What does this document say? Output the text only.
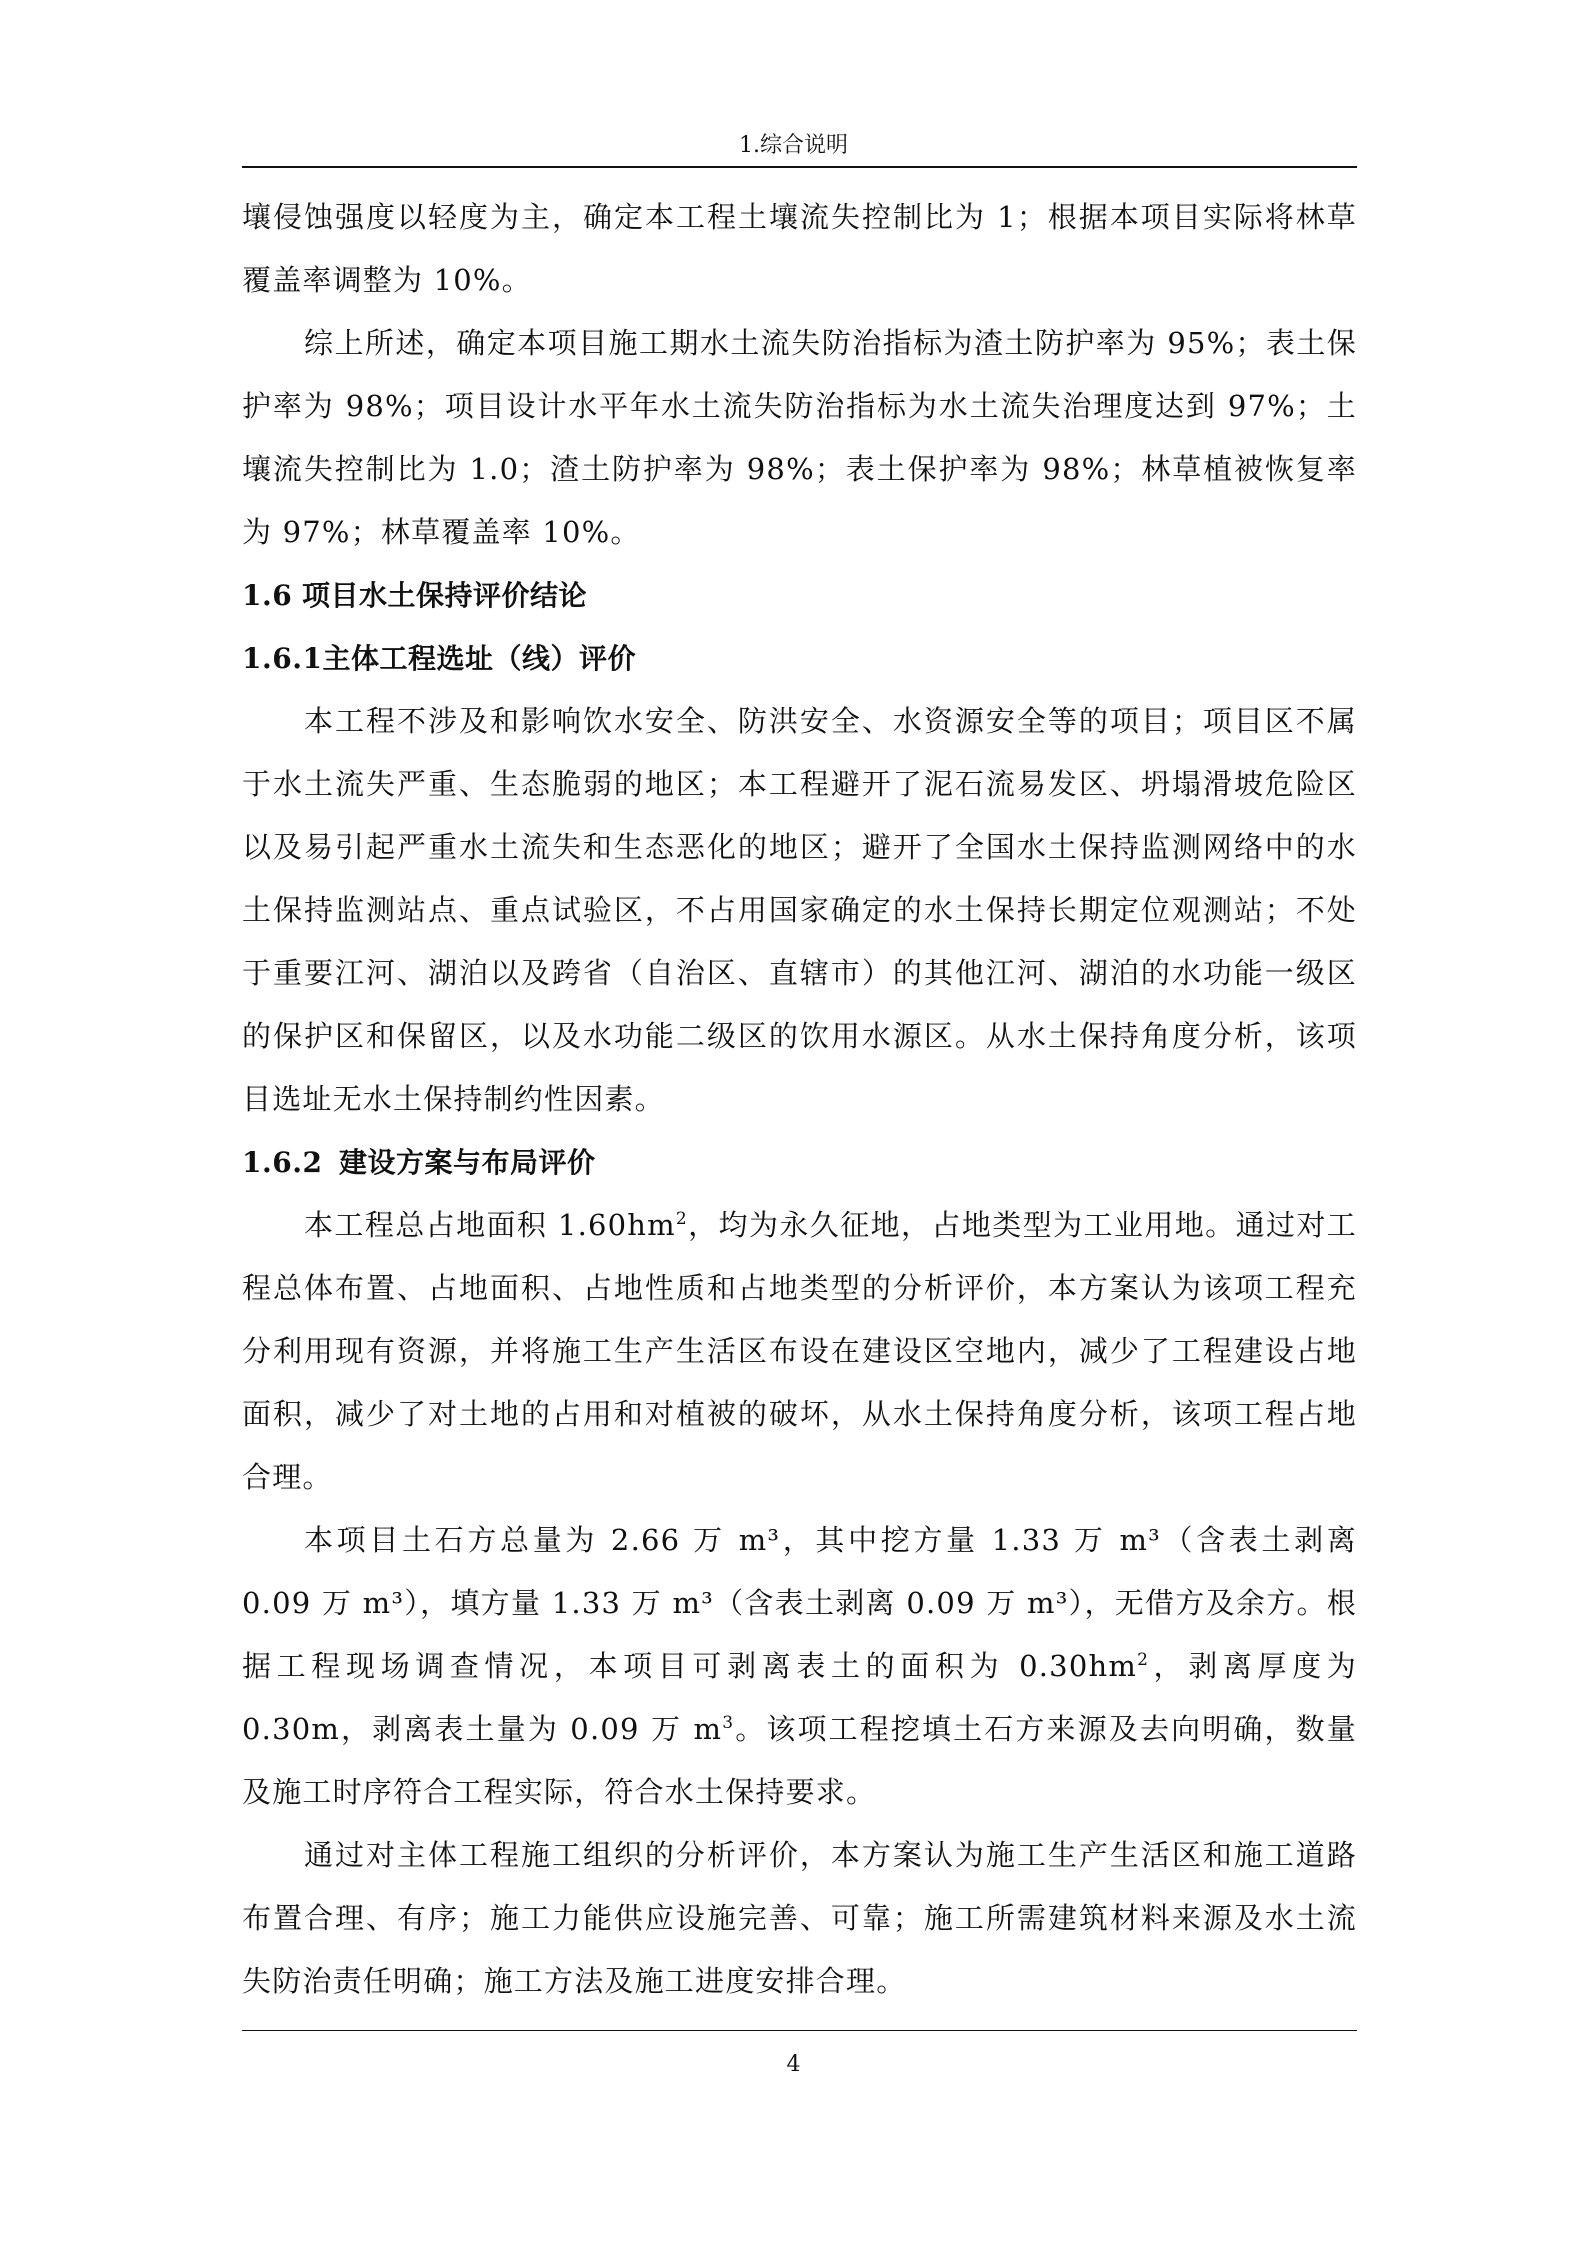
1.综合说明

壤侵蚀强度以轻度为主，确定本工程土壤流失控制比为 1；根据本项目实际将林草覆盖率调整为 10%。

综上所述，确定本项目施工期水土流失防治指标为渣土防护率为 95%；表土保护率为 98%；项目设计水平年水土流失防治指标为水土流失治理度达到 97%；土壤流失控制比为 1.0；渣土防护率为 98%；表土保护率为 98%；林草植被恢复率为 97%；林草覆盖率 10%。

1.6 项目水土保持评价结论

1.6.1主体工程选址（线）评价

本工程不涉及和影响饮水安全、防洪安全、水资源安全等的项目；项目区不属于水土流失严重、生态脆弱的地区；本工程避开了泥石流易发区、坍塌滑坡危险区以及易引起严重水土流失和生态恶化的地区；避开了全国水土保持监测网络中的水土保持监测站点、重点试验区，不占用国家确定的水土保持长期定位观测站；不处于重要江河、湖泊以及跨省（自治区、直辖市）的其他江河、湖泊的水功能一级区的保护区和保留区，以及水功能二级区的饮用水源区。从水土保持角度分析，该项目选址无水土保持制约性因素。

1.6.2 建设方案与布局评价

本工程总占地面积 $1.60hm^2$，均为永久征地，占地类型为工业用地。通过对工程总体布置、占地面积、占地性质和占地类型的分析评价，本方案认为该项工程充分利用现有资源，并将施工生产生活区布设在建设区空地内，减少了工程建设占地面积，减少了对土地的占用和对植被的破坏，从水土保持角度分析，该项工程占地合理。

本项目土石方总量为 2.66 万 m³，其中挖方量 1.33 万 m³（含表土剥离 0.09 万 m³），填方量 1.33 万 m³（含表土剥离 0.09 万 m³），无借方及余方。根据工程现场调查情况，本项目可剥离表土的面积为 $0.30hm^2$，剥离厚度为 0.30m，剥离表土量为 0.09 万 $m^3$。该项工程挖填土石方来源及去向明确，数量及施工时序符合工程实际，符合水土保持要求。

通过对主体工程施工组织的分析评价，本方案认为施工生产生活区和施工道路布置合理、有序；施工力能供应设施完善、可靠；施工所需建筑材料来源及水土流失防治责任明确；施工方法及施工进度安排合理。

4
